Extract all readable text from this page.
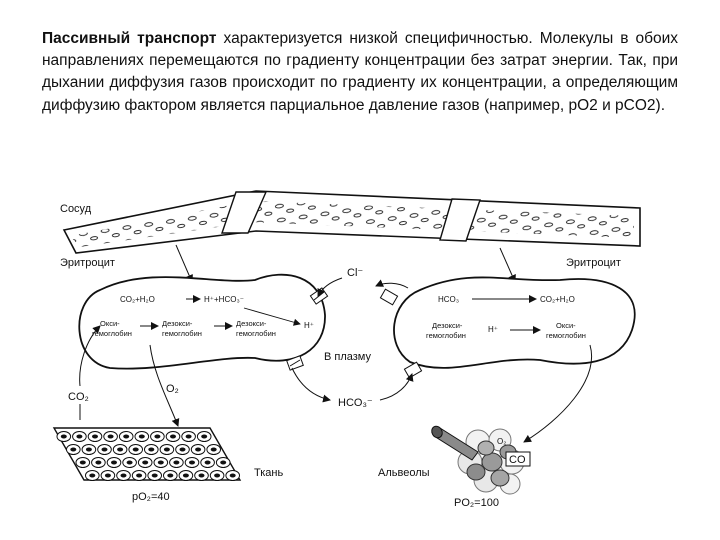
Пассивный транспорт характеризуется низкой специфичностью. Молекулы в обоих направлениях перемещаются по градиенту концентрации без затрат энергии. Так, при дыхании диффузия газов происходит по градиенту их концентрации, а определяющим диффузию фактором является парциальное давление газов (например, pO2 и pCO2).
Сосуд
Эритроцит	Эритроцит
CO₂+H₂O	H⁺+HCO₃⁻
Окси-
гемоглобин
Дезокси-
гемоглобин
Дезокси-
гемоглобин
H⁺
Cl⁻
В плазму
HCO₃⁻
HCO₃	CO₂+H₂O
Дезокси-
гемоглобин
H⁺	Окси-
гемоглобин
CO₂
O₂
Ткань
pO₂=40
Альвеолы
O₂
CO
PO₂=100
